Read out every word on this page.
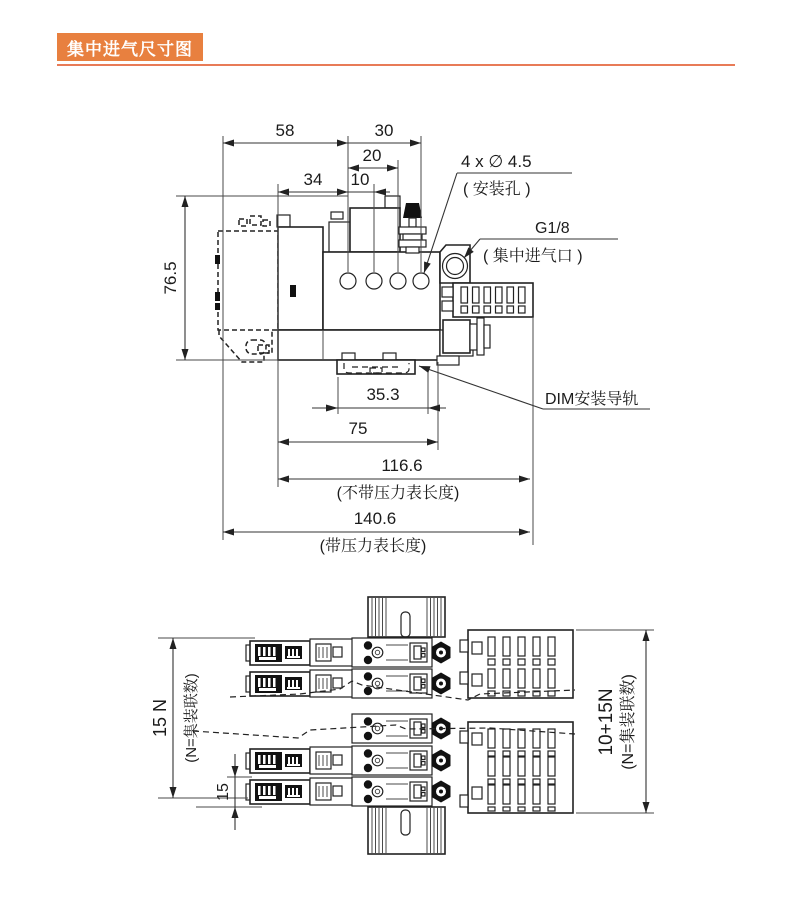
集中进气尺寸图
58	30
20
34 10
76.5
35.3
75
116.6
(不带压力表长度)
140.6
(带压力表长度)
4 x ∅ 4.5
( 安装孔 )
G1/8
( 集中进气口 )
DIM安装导轨
15 N (N=集装联数)
15
10+15N (N=集装联数)
